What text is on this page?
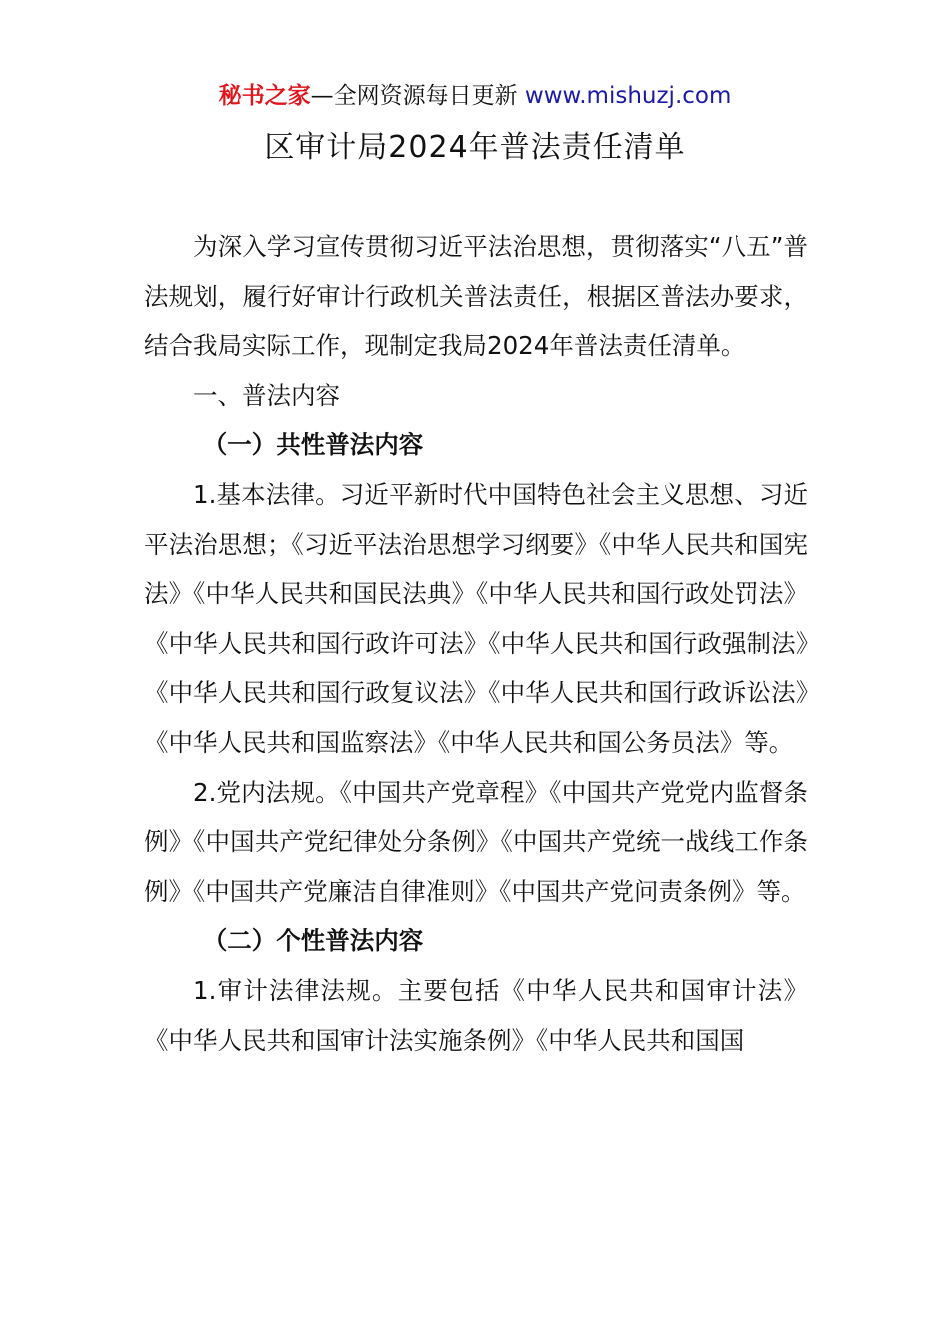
秘书之家—全网资源每日更新 www.mishuzj.com
区审计局2024年普法责任清单

为深入学习宣传贯彻习近平法治思想，贯彻落实“八五”普法规划，履行好审计行政机关普法责任，根据区普法办要求，结合我局实际工作，现制定我局2024年普法责任清单。

一、普法内容

（一）共性普法内容

1.基本法律。习近平新时代中国特色社会主义思想、习近平法治思想；《习近平法治思想学习纲要》《中华人民共和国宪法》《中华人民共和国民法典》《中华人民共和国行政处罚法》《中华人民共和国行政许可法》《中华人民共和国行政强制法》《中华人民共和国行政复议法》《中华人民共和国行政诉讼法》《中华人民共和国监察法》《中华人民共和国公务员法》等。

2.党内法规。《中国共产党章程》《中国共产党党内监督条例》《中国共产党纪律处分条例》《中国共产党统一战线工作条例》《中国共产党廉洁自律准则》《中国共产党问责条例》等。

（二）个性普法内容

1.审计法律法规。主要包括《中华人民共和国审计法》《中华人民共和国审计法实施条例》《中华人民共和国国
